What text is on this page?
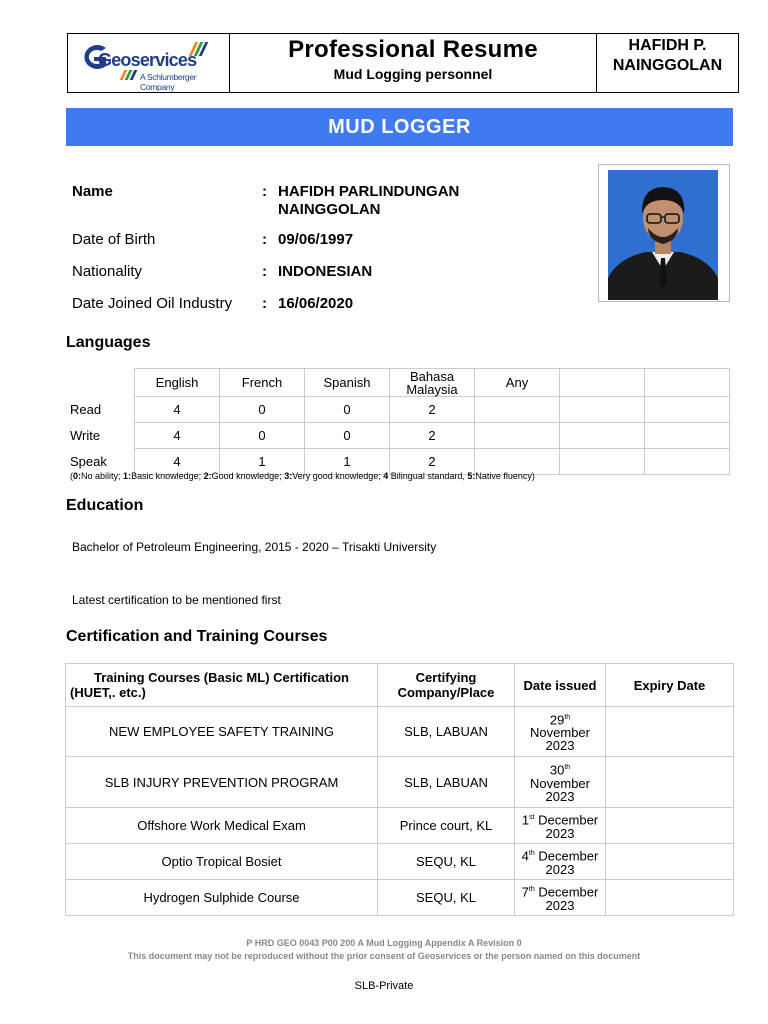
Geoservices
A Schlumberger Company
Professional Resume
Mud Logging personnel
HAFIDH P.
NAINGGOLAN
MUD LOGGER
Name	: HAFIDH PARLINDUNGAN
NAINGGOLAN
Date of Birth	: 09/06/1997
Nationality	: INDONESIAN
Date Joined Oil Industry : 16/06/2020
Languages
	English	French	Spanish	Bahasa Malaysia	Any		
Read	4	0	0	2			
Write	4	0	0	2			
Speak	4	1	1	2			
(0:No ability; 1:Basic knowledge; 2:Good knowledge; 3:Very good knowledge; 4 Bilingual standard, 5:Native fluency)
Education
Bachelor of Petroleum Engineering, 2015 - 2020 – Trisakti University
Latest certification to be mentioned first
Certification and Training Courses
Training Courses (Basic ML) Certification (HUET,. etc.)	Certifying Company/Place	Date issued	Expiry Date
NEW EMPLOYEE SAFETY TRAINING	SLB, LABUAN	29th November 2023	
SLB INJURY PREVENTION PROGRAM	SLB, LABUAN	30th November 2023	
Offshore Work Medical Exam	Prince court, KL	1st December 2023	
Optio Tropical Bosiet	SEQU, KL	4th December 2023	
Hydrogen Sulphide Course	SEQU, KL	7th December 2023	
P HRD GEO 0043 P00 200 A Mud Logging Appendix A Revision 0
This document may not be reproduced without the prior consent of Geoservices or the person named on this document
SLB-Private
